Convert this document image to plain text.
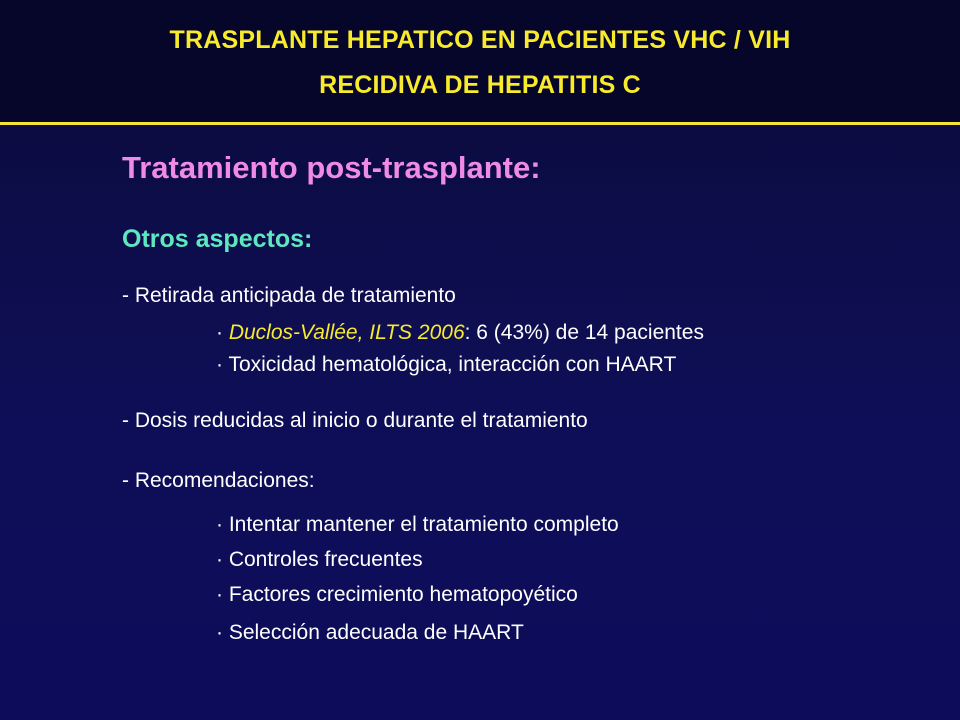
TRASPLANTE HEPATICO EN PACIENTES VHC / VIH
RECIDIVA DE HEPATITIS C
Tratamiento post-trasplante:
Otros aspectos:
- Retirada anticipada de tratamiento
· Duclos-Vallée, ILTS 2006: 6 (43%) de 14 pacientes
· Toxicidad hematológica, interacción con HAART
- Dosis reducidas al inicio o durante el tratamiento
- Recomendaciones:
· Intentar mantener el tratamiento completo
· Controles frecuentes
· Factores crecimiento hematopoyético
· Selección adecuada de HAART
